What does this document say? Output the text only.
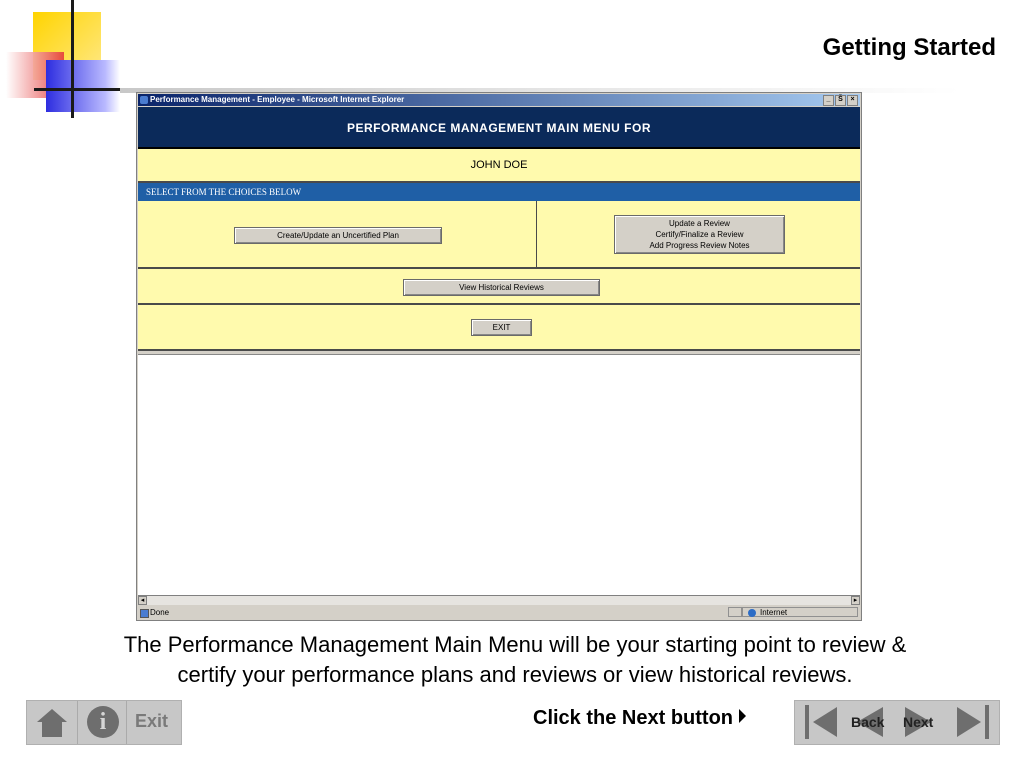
Getting Started
Performance Management - Employee - Microsoft Internet Explorer	_	Š	×
PERFORMANCE MANAGEMENT MAIN MENU FOR
JOHN DOE
SELECT FROM THE CHOICES BELOW
Create/Update an Uncertified Plan
Update a Review
Certify/Finalize a Review
Add Progress Review Notes
View Historical Reviews
EXIT
◂	▸
Done	Internet
The Performance Management Main Menu will be your starting point to review &
certify your performance plans and reviews or view historical reviews.
i	Exit	Click the Next button	Back Next
